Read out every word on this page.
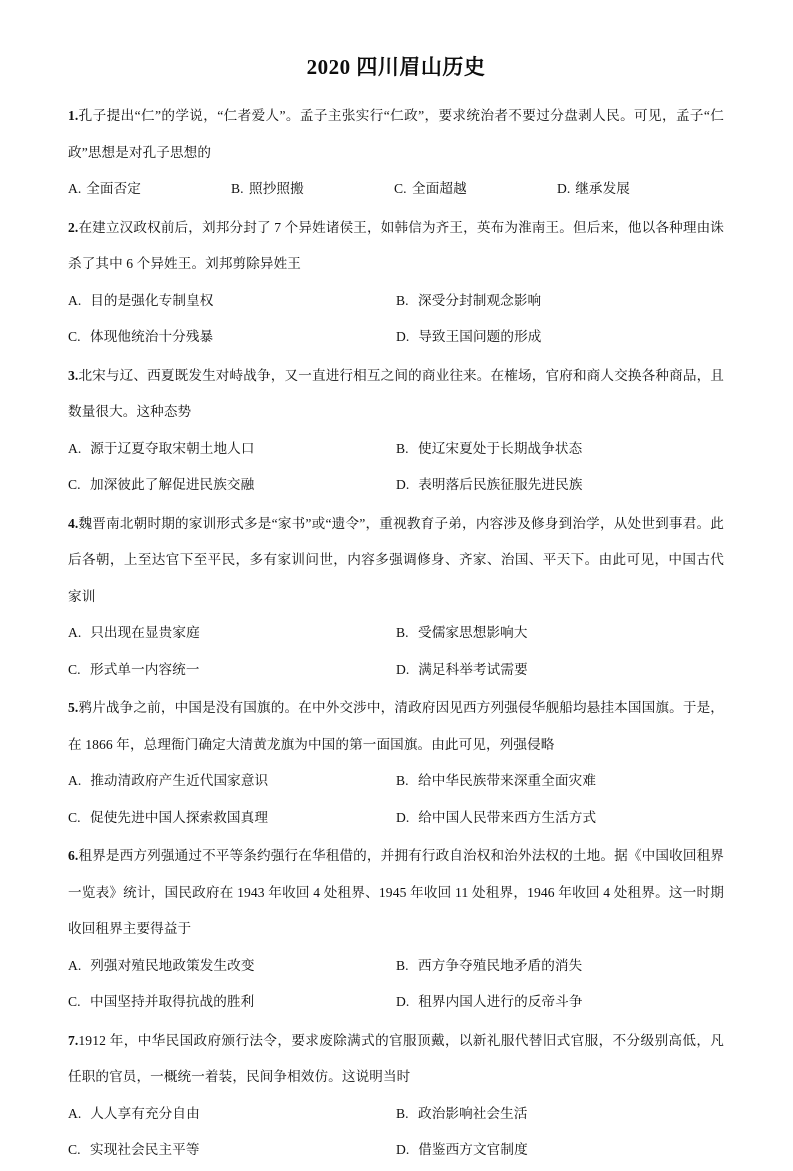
2020 四川眉山历史

1.孔子提出“仁”的学说，“仁者爱人”。孟子主张实行“仁政”，要求统治者不要过分盘剥人民。可见，孟子“仁政”思想是对孔子思想的

A. 全面否定	B. 照抄照搬	C. 全面超越	D. 继承发展

2.在建立汉政权前后，刘邦分封了 7 个异姓诸侯王，如韩信为齐王，英布为淮南王。但后来，他以各种理由诛杀了其中 6 个异姓王。刘邦剪除异姓王

A. 目的是强化专制皇权	B. 深受分封制观念影响
C. 体现他统治十分残暴	D. 导致王国问题的形成

3.北宋与辽、西夏既发生对峙战争，又一直进行相互之间的商业往来。在榷场，官府和商人交换各种商品，且数量很大。这种态势

A. 源于辽夏夺取宋朝土地人口	B. 使辽宋夏处于长期战争状态
C. 加深彼此了解促进民族交融	D. 表明落后民族征服先进民族

4.魏晋南北朝时期的家训形式多是“家书”或“遗令”，重视教育子弟，内容涉及修身到治学，从处世到事君。此后各朝，上至达官下至平民，多有家训问世，内容多强调修身、齐家、治国、平天下。由此可见，中国古代家训

A. 只出现在显贵家庭	B. 受儒家思想影响大
C. 形式单一内容统一	D. 满足科举考试需要

5.鸦片战争之前，中国是没有国旗的。在中外交涉中，清政府因见西方列强侵华舰船均悬挂本国国旗。于是，在 1866 年，总理衙门确定大清黄龙旗为中国的第一面国旗。由此可见，列强侵略

A. 推动清政府产生近代国家意识	B. 给中华民族带来深重全面灾难
C. 促使先进中国人探索救国真理	D. 给中国人民带来西方生活方式

6.租界是西方列强通过不平等条约强行在华租借的，并拥有行政自治权和治外法权的土地。据《中国收回租界一览表》统计，国民政府在 1943 年收回 4 处租界、1945 年收回 11 处租界，1946 年收回 4 处租界。这一时期收回租界主要得益于

A. 列强对殖民地政策发生改变	B. 西方争夺殖民地矛盾的消失
C. 中国坚持并取得抗战的胜利	D. 租界内国人进行的反帝斗争

7.1912 年，中华民国政府颁行法令，要求废除满式的官服顶戴，以新礼服代替旧式官服，不分级别高低，凡任职的官员，一概统一着装，民间争相效仿。这说明当时

A. 人人享有充分自由	B. 政治影响社会生活
C. 实现社会民主平等	D. 借鉴西方文官制度
